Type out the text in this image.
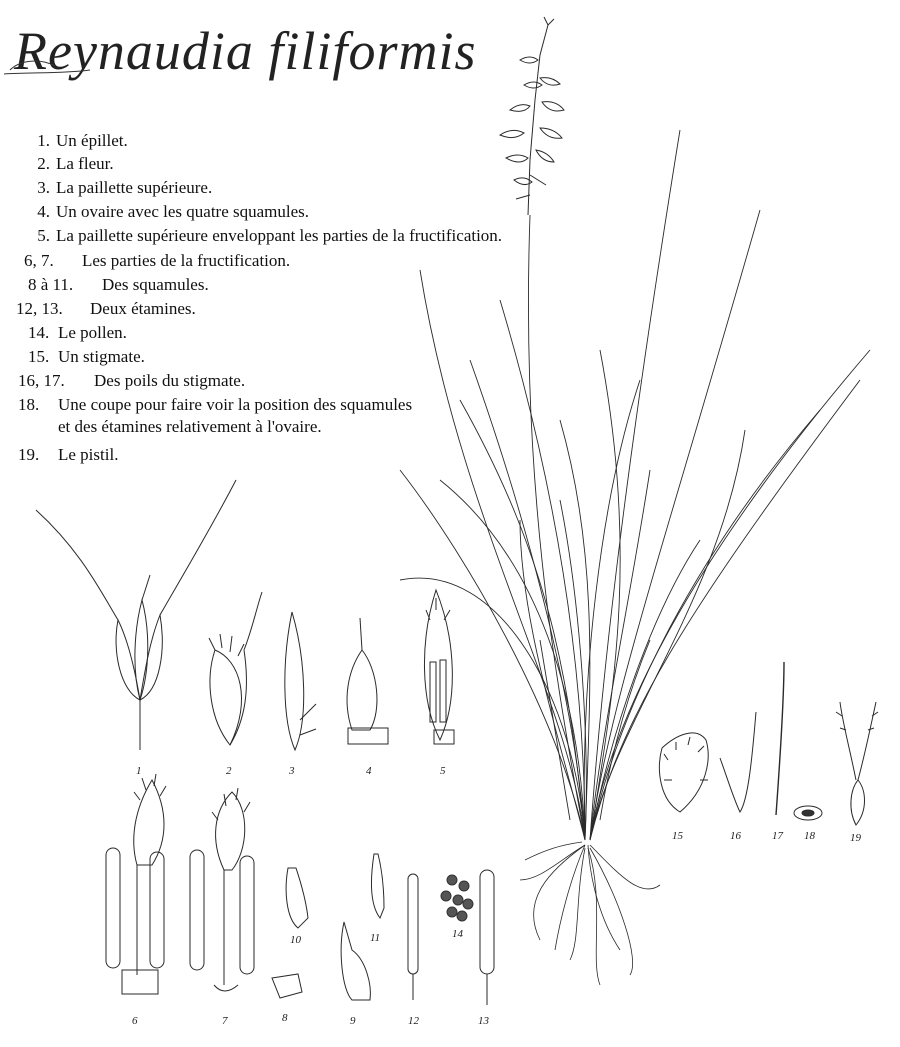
Reynaudia filiformis
1. Un épillet.
2. La fleur.
3. La paillette supérieure.
4. Un ovaire avec les quatre squamules.
5. La paillette supérieure enveloppant les parties de la fructification.
6, 7.	Les parties de la fructification.
8 à 11.	Des squamules.
12, 13.	Deux étamines.
14. Le pollen.
15. Un stigmate.
16, 17.	Des poils du stigmate.
18.	Une coupe pour faire voir la position des squamules
et des étamines relativement à l'ovaire.
19.	Le pistil.
1	2	3	4	5
6	7	8	9
10	11
12	13
14
15	16	17 18	19
